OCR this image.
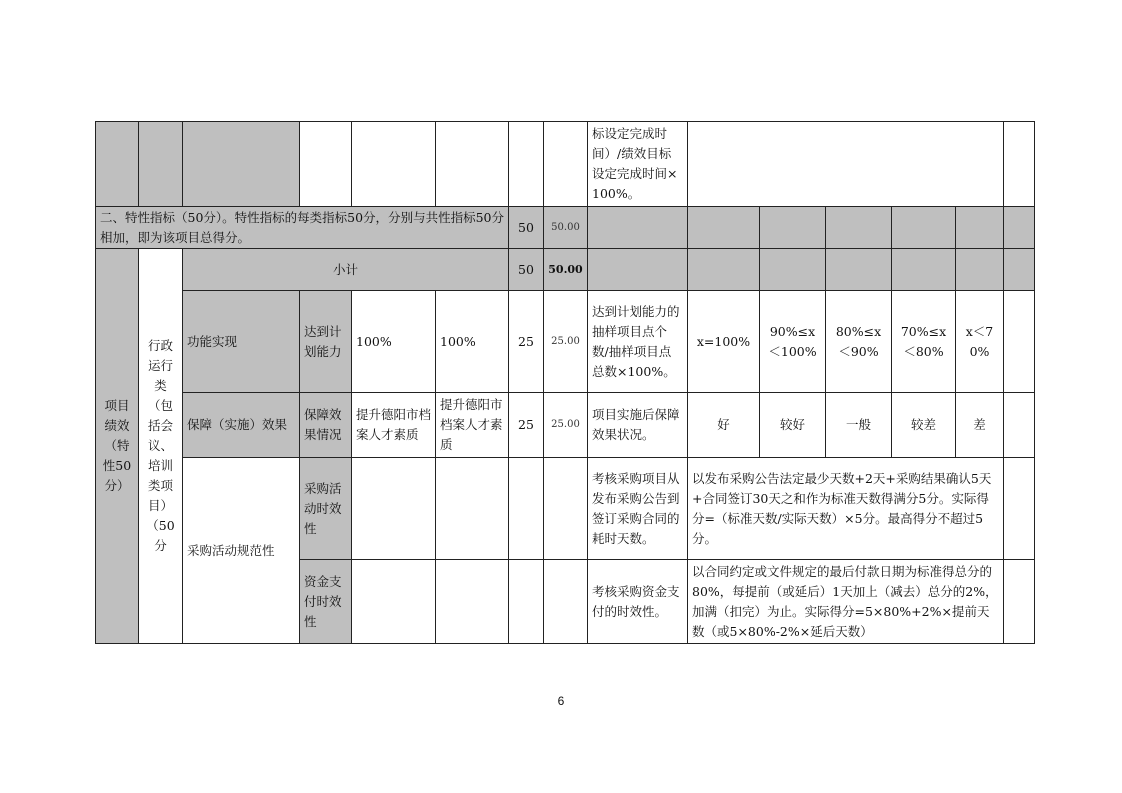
								标设定完成时间）/绩效目标设定完成时间×100%。						
二、特性指标（50分）。特性指标的每类指标50分，分别与共性指标50分相加，即为该项目总得分。						50	50.00							
项目绩效（特性50分）	行政运行类（包括会议、培训类项目）（50分	小计				50	50.00							
		功能实现	达到计划能力	100%	100%	25	25.00	达到计划能力的抽样项目点个数/抽样项目点总数×100%。	x=100%	90%≤x＜100%	80%≤x＜90%	70%≤x＜80%	x＜70%	
		保障（实施）效果	保障效果情况	提升德阳市档案人才素质	提升德阳市档案人才素质	25	25.00	项目实施后保障效果状况。	好	较好	一般	较差	差	
		采购活动规范性	采购活动时效性					考核采购项目从发布采购公告到签订采购合同的耗时天数。	以发布采购公告法定最少天数+2天+采购结果确认5天+合同签订30天之和作为标准天数得满分5分。实际得分=（标准天数/实际天数）×5分。最高得分不超过5分。					
			资金支付时效性					考核采购资金支付的时效性。	以合同约定或文件规定的最后付款日期为标准得总分的80%，每提前（或延后）1天加上（减去）总分的2%，加满（扣完）为止。实际得分=5×80%+2%×提前天数（或5×80%-2%×延后天数）					
6
